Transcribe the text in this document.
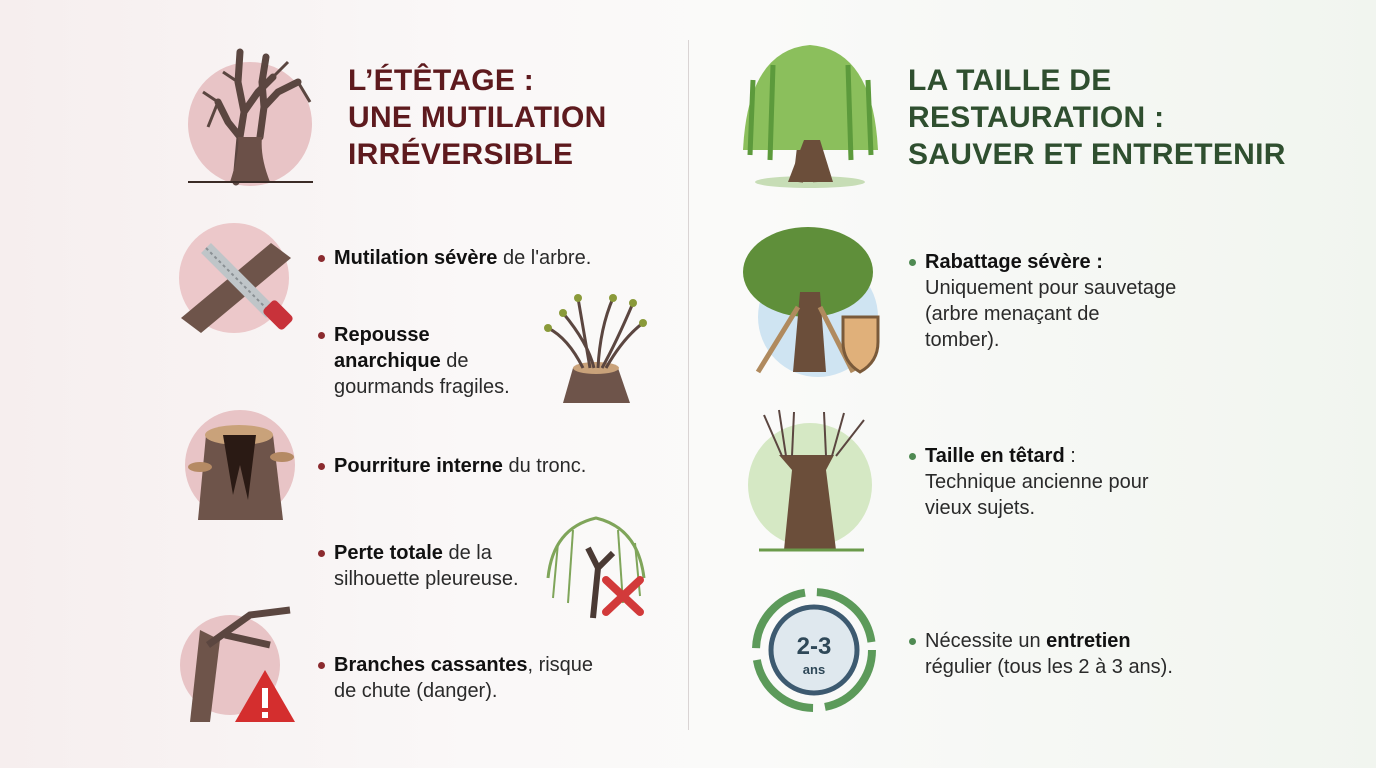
L’ÉTÊTAGE :
UNE MUTILATION
IRRÉVERSIBLE
LA TAILLE DE
RESTAURATION :
SAUVER ET ENTRETENIR
Mutilation sévère de l'arbre.
Repousse
anarchique de
gourmands fragiles.
Pourriture interne du tronc.
Perte totale de la
silhouette pleureuse.
Branches cassantes, risque
de chute (danger).
Rabattage sévère :
Uniquement pour sauvetage
(arbre menaçant de
tomber).
Taille en têtard :
Technique ancienne pour
vieux sujets.
Nécessite un entretien
régulier (tous les 2 à 3 ans).
2-3
ans
